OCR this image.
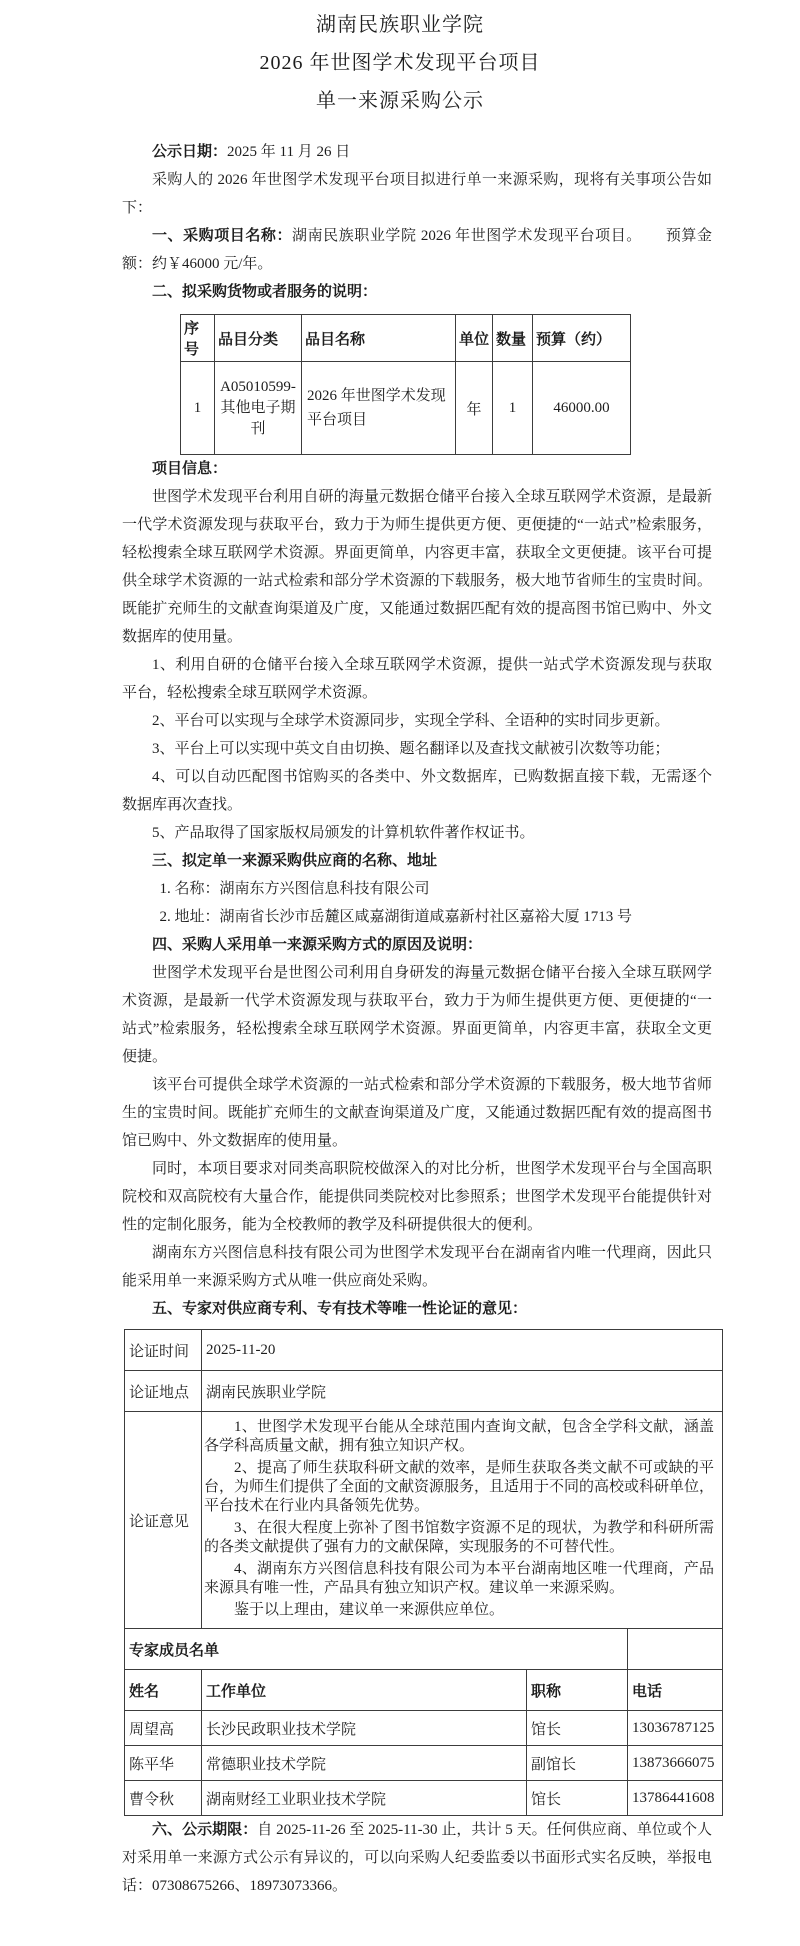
湖南民族职业学院
2026 年世图学术发现平台项目
单一来源采购公示

公示日期：2025 年 11 月 26 日

采购人的 2026 年世图学术发现平台项目拟进行单一来源采购，现将有关事项公告如下：

一、采购项目名称：湖南民族职业学院 2026 年世图学术发现平台项目。 预算金额：约￥46000 元/年。

二、拟采购货物或者服务的说明：

序号	品目分类	品目名称	单位	数量	预算（约）
1	A05010599-其他电子期刊	2026 年世图学术发现平台项目	年	1	46000.00

项目信息：

世图学术发现平台利用自研的海量元数据仓储平台接入全球互联网学术资源，是最新一代学术资源发现与获取平台，致力于为师生提供更方便、更便捷的“一站式”检索服务，轻松搜索全球互联网学术资源。界面更简单，内容更丰富，获取全文更便捷。该平台可提供全球学术资源的一站式检索和部分学术资源的下载服务，极大地节省师生的宝贵时间。既能扩充师生的文献查询渠道及广度，又能通过数据匹配有效的提高图书馆已购中、外文数据库的使用量。

1、利用自研的仓储平台接入全球互联网学术资源，提供一站式学术资源发现与获取平台，轻松搜索全球互联网学术资源。

2、平台可以实现与全球学术资源同步，实现全学科、全语种的实时同步更新。

3、平台上可以实现中英文自由切换、题名翻译以及查找文献被引次数等功能；

4、可以自动匹配图书馆购买的各类中、外文数据库，已购数据直接下载，无需逐个数据库再次查找。

5、产品取得了国家版权局颁发的计算机软件著作权证书。

三、拟定单一来源采购供应商的名称、地址

1. 名称：湖南东方兴图信息科技有限公司

2. 地址：湖南省长沙市岳麓区咸嘉湖街道咸嘉新村社区嘉裕大厦 1713 号

四、采购人采用单一来源采购方式的原因及说明：

世图学术发现平台是世图公司利用自身研发的海量元数据仓储平台接入全球互联网学术资源，是最新一代学术资源发现与获取平台，致力于为师生提供更方便、更便捷的“一站式”检索服务，轻松搜索全球互联网学术资源。界面更简单，内容更丰富，获取全文更便捷。

该平台可提供全球学术资源的一站式检索和部分学术资源的下载服务，极大地节省师生的宝贵时间。既能扩充师生的文献查询渠道及广度，又能通过数据匹配有效的提高图书馆已购中、外文数据库的使用量。

同时，本项目要求对同类高职院校做深入的对比分析，世图学术发现平台与全国高职院校和双高院校有大量合作，能提供同类院校对比参照系；世图学术发现平台能提供针对性的定制化服务，能为全校教师的教学及科研提供很大的便利。

湖南东方兴图信息科技有限公司为世图学术发现平台在湖南省内唯一代理商，因此只能采用单一来源采购方式从唯一供应商处采购。

五、专家对供应商专利、专有技术等唯一性论证的意见：

论证时间	2025-11-20		
论证地点	湖南民族职业学院		
论证意见	1、世图学术发现平台能从全球范围内查询文献，包含全学科文献，涵盖各学科高质量文献，拥有独立知识产权。

2、提高了师生获取科研文献的效率，是师生获取各类文献不可或缺的平台，为师生们提供了全面的文献资源服务，且适用于不同的高校或科研单位，平台技术在行业内具备领先优势。

3、在很大程度上弥补了图书馆数字资源不足的现状，为教学和科研所需的各类文献提供了强有力的文献保障，实现服务的不可替代性。

4、湖南东方兴图信息科技有限公司为本平台湖南地区唯一代理商，产品来源具有唯一性，产品具有独立知识产权。建议单一来源采购。

鉴于以上理由，建议单一来源供应单位。		

专家成员名单			
姓名	工作单位	职称	电话
周望高	长沙民政职业技术学院	馆长	13036787125
陈平华	常德职业技术学院	副馆长	13873666075
曹令秋	湖南财经工业职业技术学院	馆长	13786441608

六、公示期限：自 2025-11-26 至 2025-11-30 止，共计 5 天。任何供应商、单位或个人对采用单一来源方式公示有异议的，可以向采购人纪委监委以书面形式实名反映，举报电话：07308675266、18973073366。
